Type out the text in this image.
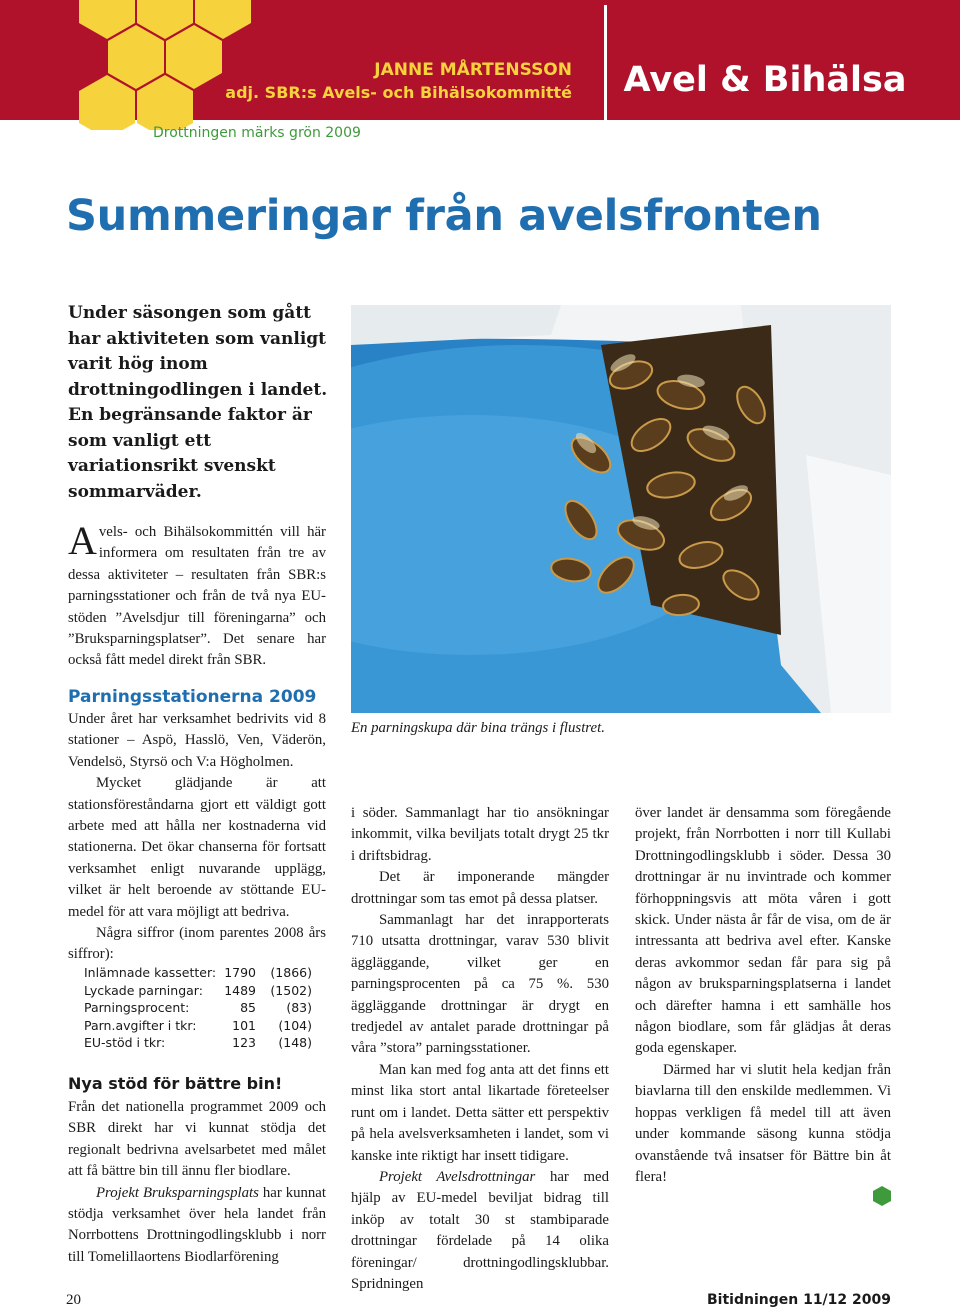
JANNE MÅRTENSSON
adj. SBR:s Avels- och Bihälsokommitté Avel & Bihälsa
Drottningen märks grön 2009
Summeringar från avelsfronten

Under säsongen som gått har aktiviteten som vanligt varit hög inom drottningodlingen i landet. En begränsande faktor är som vanligt ett variationsrikt svenskt sommarväder.

Avels- och Bihälsokommittén vill här informera om resultaten från tre av dessa aktiviteter – resultaten från SBR:s parningsstationer och från de två nya EU-stöden ”Avelsdjur till föreningarna” och ”Bruksparningsplatser”. Det senare har också fått medel direkt från SBR.

En parningskupa där bina trängs i flustret.

Parningsstationerna 2009

Under året har verksamhet bedrivits vid 8 stationer – Aspö, Hasslö, Ven, Väderön, Vendelsö, Styrsö och V:a Högholmen.

Mycket glädjande är att stationsföreståndarna gjort ett väldigt gott arbete med att hålla ner kostnaderna vid stationerna. Det ökar chanserna för fortsatt verksamhet enligt nuvarande upplägg, vilket är helt beroende av stöttande EU-medel för att vara möjligt att bedriva.

Några siffror (inom parentes 2008 års siffror):

Inlämnade kassetter:	1790	(1866)
Lyckade parningar:	1489	(1502)
Parningsprocent:	85	(83)
Parn.avgifter i tkr:	101	(104)
EU-stöd i tkr:	123	(148)
Nya stöd för bättre bin!

Från det nationella programmet 2009 och SBR direkt har vi kunnat stödja det regionalt bedrivna avelsarbetet med målet att få bättre bin till ännu fler biodlare.

Projekt Bruksparningsplats har kunnat stödja verksamhet över hela landet från Norrbottens Drottningodlingsklubb i norr till Tomelillaortens Biodlarförening

i söder. Sammanlagt har tio ansökningar inkommit, vilka beviljats totalt drygt 25 tkr i driftsbidrag.

Det är imponerande mängder drottningar som tas emot på dessa platser.

Sammanlagt har det inrapporterats 710 utsatta drottningar, varav 530 blivit äggläggande, vilket ger en parningsprocenten på ca 75 %. 530 äggläggande drottningar är drygt en tredjedel av antalet parade drottningar på våra ”stora” parningsstationer.

Man kan med fog anta att det finns ett minst lika stort antal likartade företeelser runt om i landet. Detta sätter ett perspektiv på hela avelsverksamheten i landet, som vi kanske inte riktigt har insett tidigare.

Projekt Avelsdrottningar har med hjälp av EU-medel beviljat bidrag till inköp av totalt 30 st stambiparade drottningar fördelade på 14 olika föreningar/ drottningodlingsklubbar. Spridningen

över landet är densamma som föregående projekt, från Norrbotten i norr till Kullabi Drottningodlingsklubb i söder. Dessa 30 drottningar är nu invintrade och kommer förhoppningsvis att möta våren i gott skick. Under nästa år får de visa, om de är intressanta att bedriva avel efter. Kanske deras avkommor sedan får para sig på någon av bruksparningsplatserna i landet och därefter hamna i ett samhälle hos någon biodlare, som får glädjas åt deras goda egenskaper.

Därmed har vi slutit hela kedjan från biavlarna till den enskilde medlemmen. Vi hoppas verkligen få medel till att även under kommande säsong kunna stödja ovanstående två insatser för Bättre bin åt flera!

20	Bitidningen 11/12 2009
